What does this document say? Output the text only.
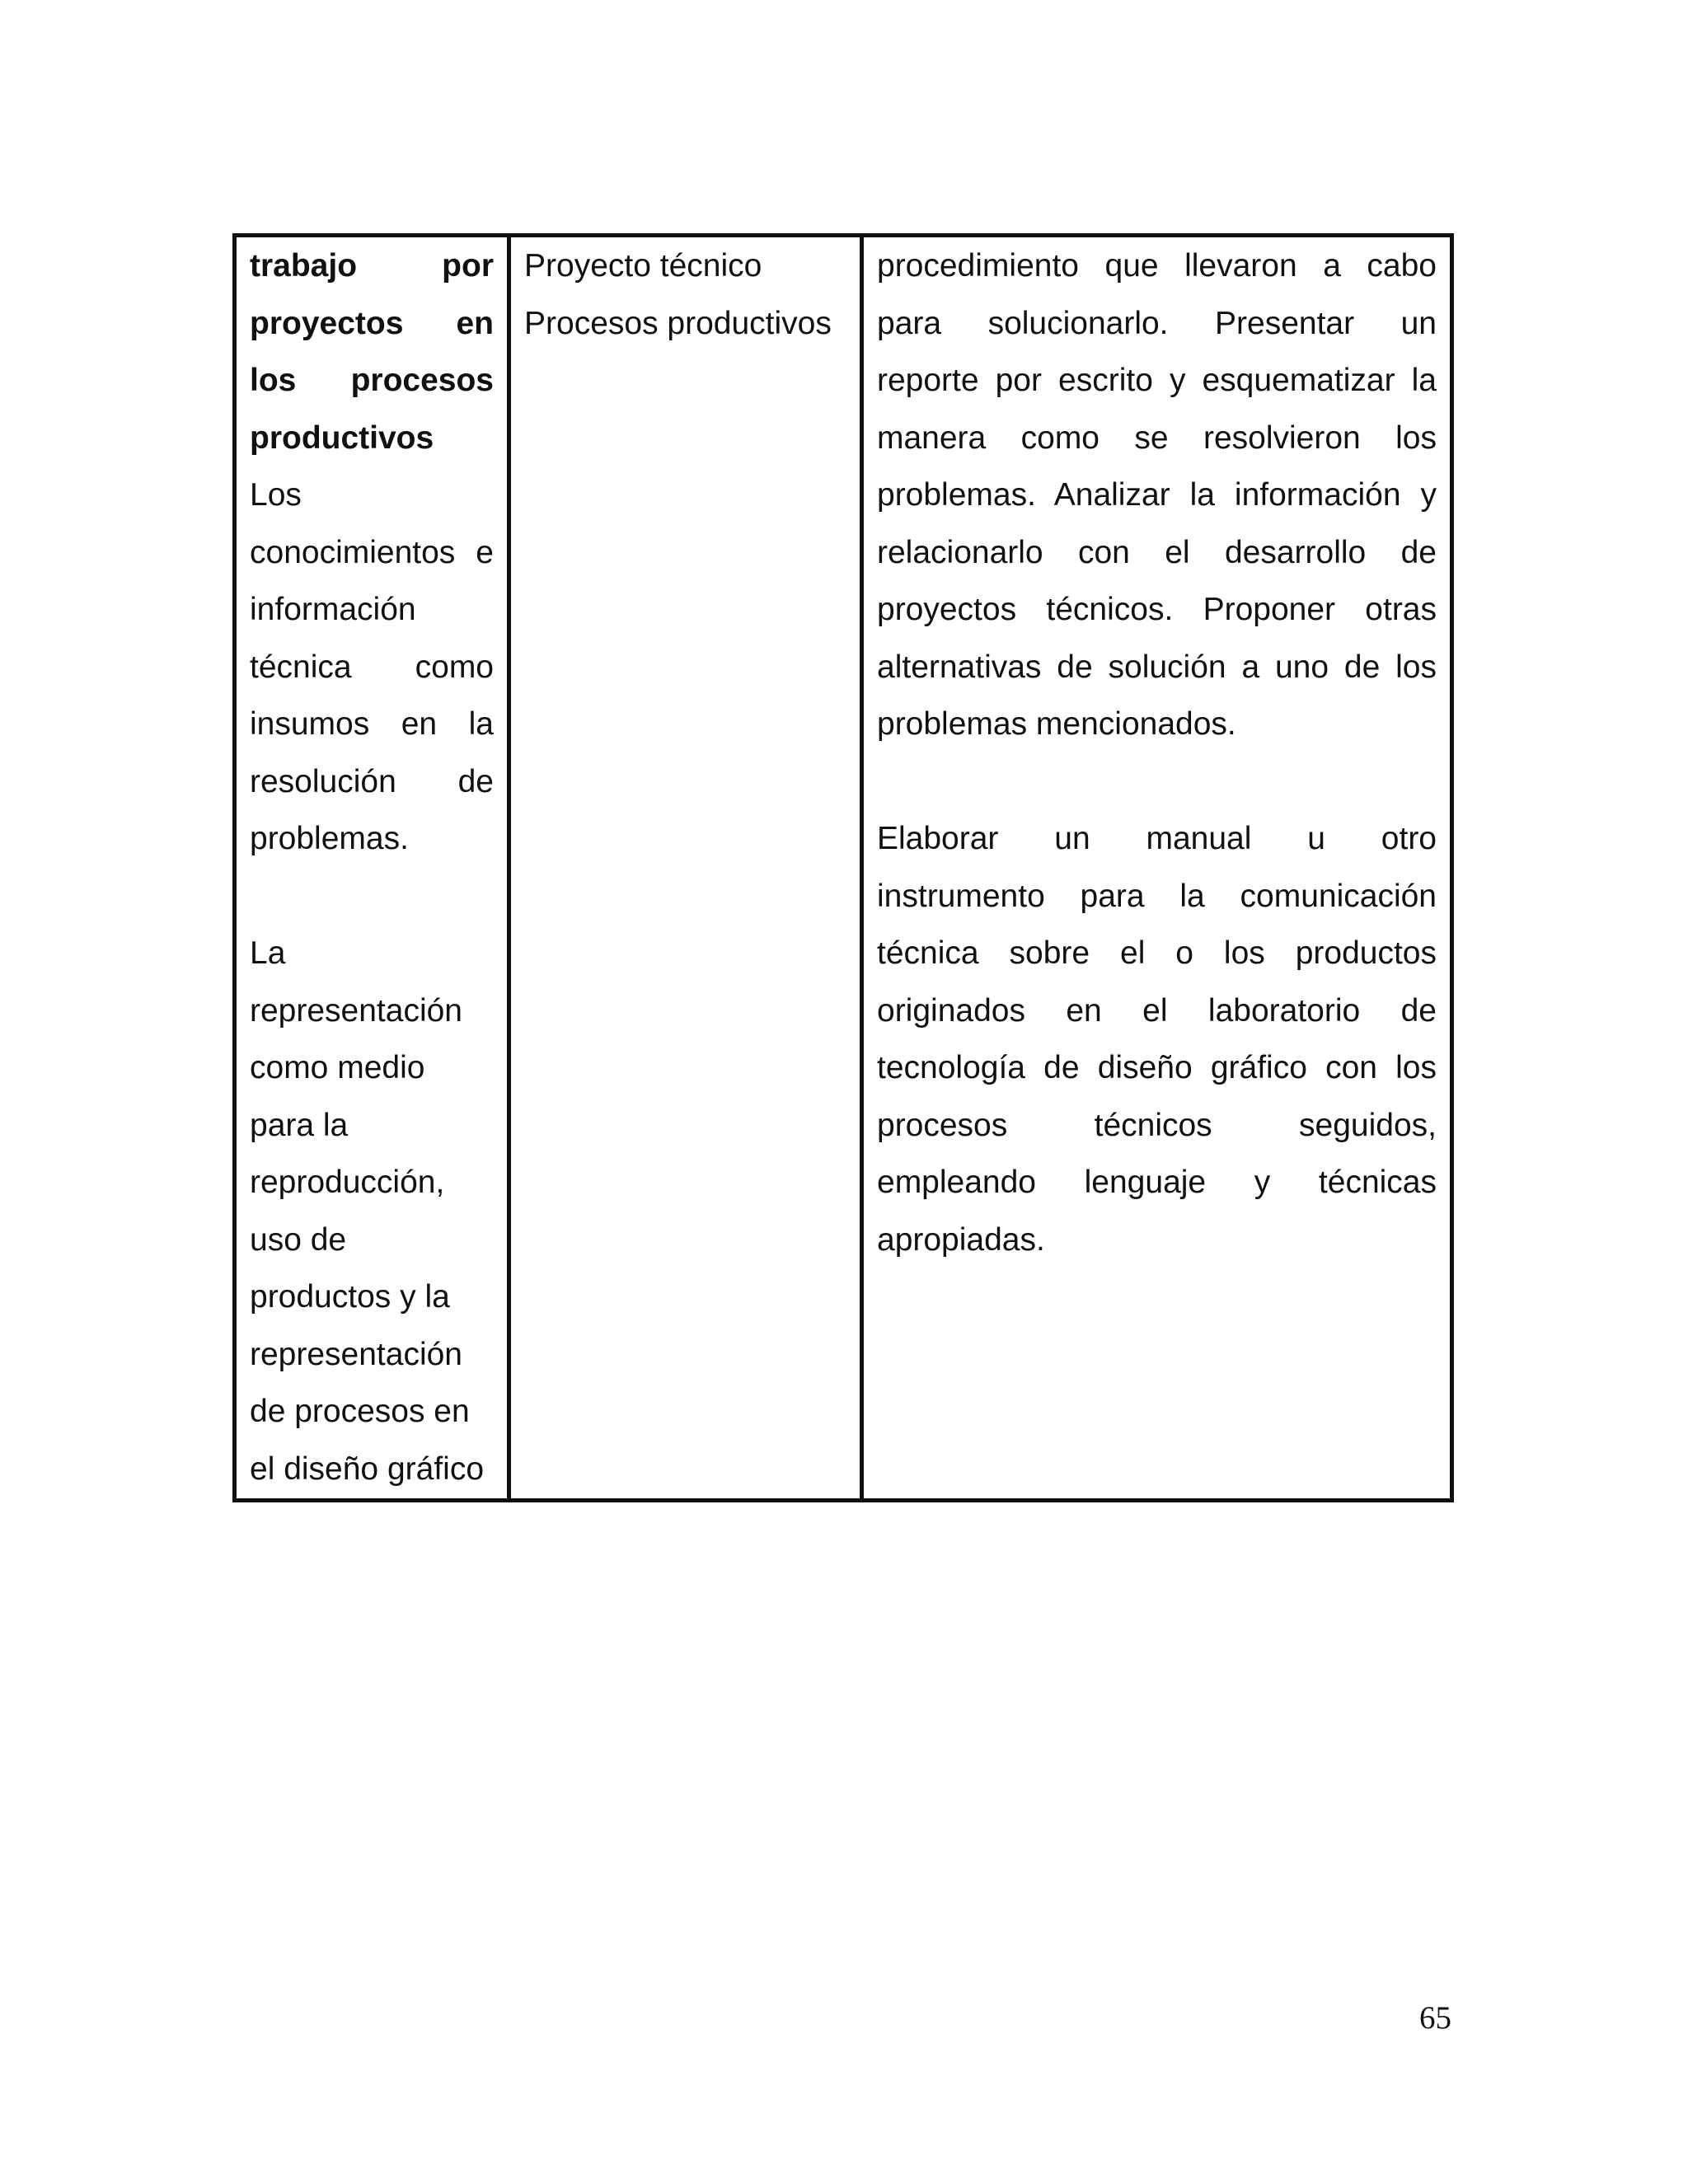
trabajo por
proyectos en
los procesos
productivos
Los
conocimientos e
información
técnica como
insumos en la
resolución de
problemas.
La
representación
como medio
para la
reproducción,
uso de
productos y la
representación
de procesos en
el diseño gráfico
Proyecto técnico
Procesos productivos
procedimiento que llevaron a cabo
para solucionarlo. Presentar un
reporte por escrito y esquematizar la
manera como se resolvieron los
problemas. Analizar la información y
relacionarlo con el desarrollo de
proyectos técnicos. Proponer otras
alternativas de solución a uno de los
problemas mencionados.
Elaborar un manual u otro
instrumento para la comunicación
técnica sobre el o los productos
originados en el laboratorio de
tecnología de diseño gráfico con los
procesos técnicos seguidos,
empleando lenguaje y técnicas
apropiadas.
65
